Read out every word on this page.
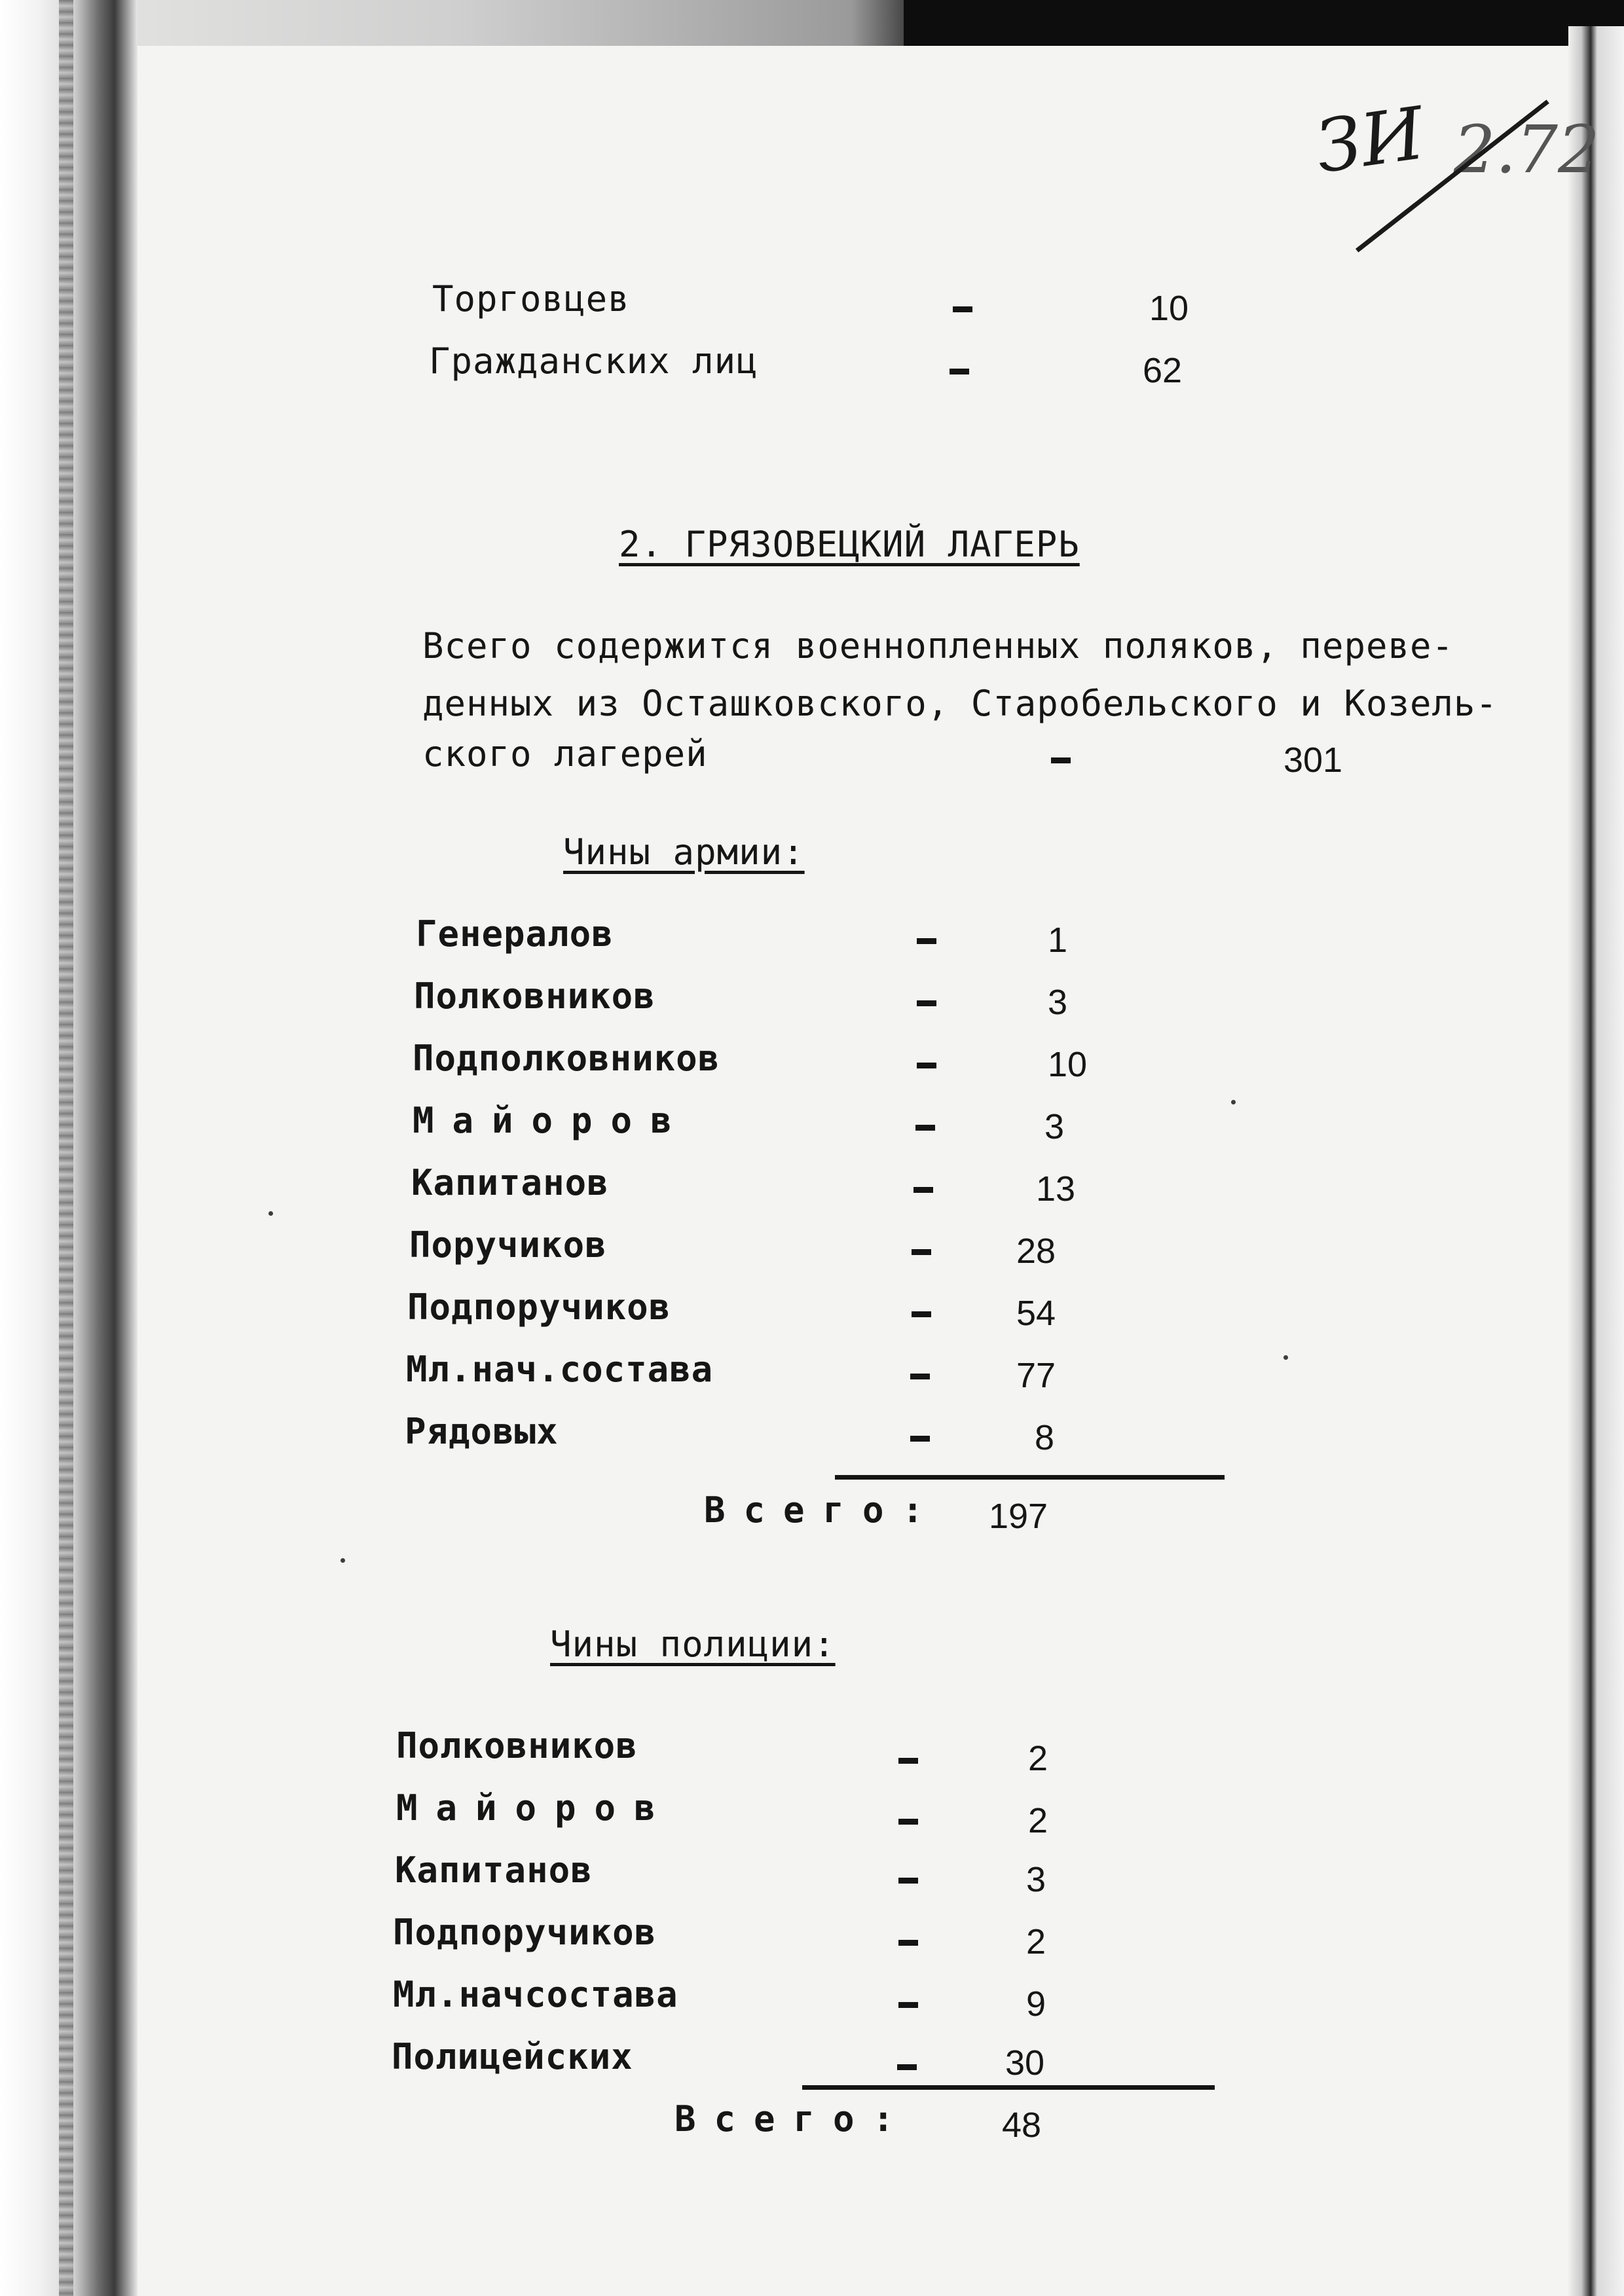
ЗИ 2.72
Торговцев	10
Гражданских лиц	62
2. ГРЯЗОВЕЦКИЙ ЛАГЕРЬ
Всего содержится военнопленных поляков, переве-
денных из Осташковского, Старобельского и Козель-
ского лагерей	301
Чины армии:
Генералов	1
Полковников	3
Подполковников	10
Майоров	3
Капитанов	13
Поручиков	28
Подпоручиков	54
Мл.нач.состава	77
Рядовых	8
Всего: 197
Чины полиции:
Полковников	2
Майоров	2
Капитанов	3
Подпоручиков	2
Мл.начсостава	9
Полицейских	30
Всего:	48
